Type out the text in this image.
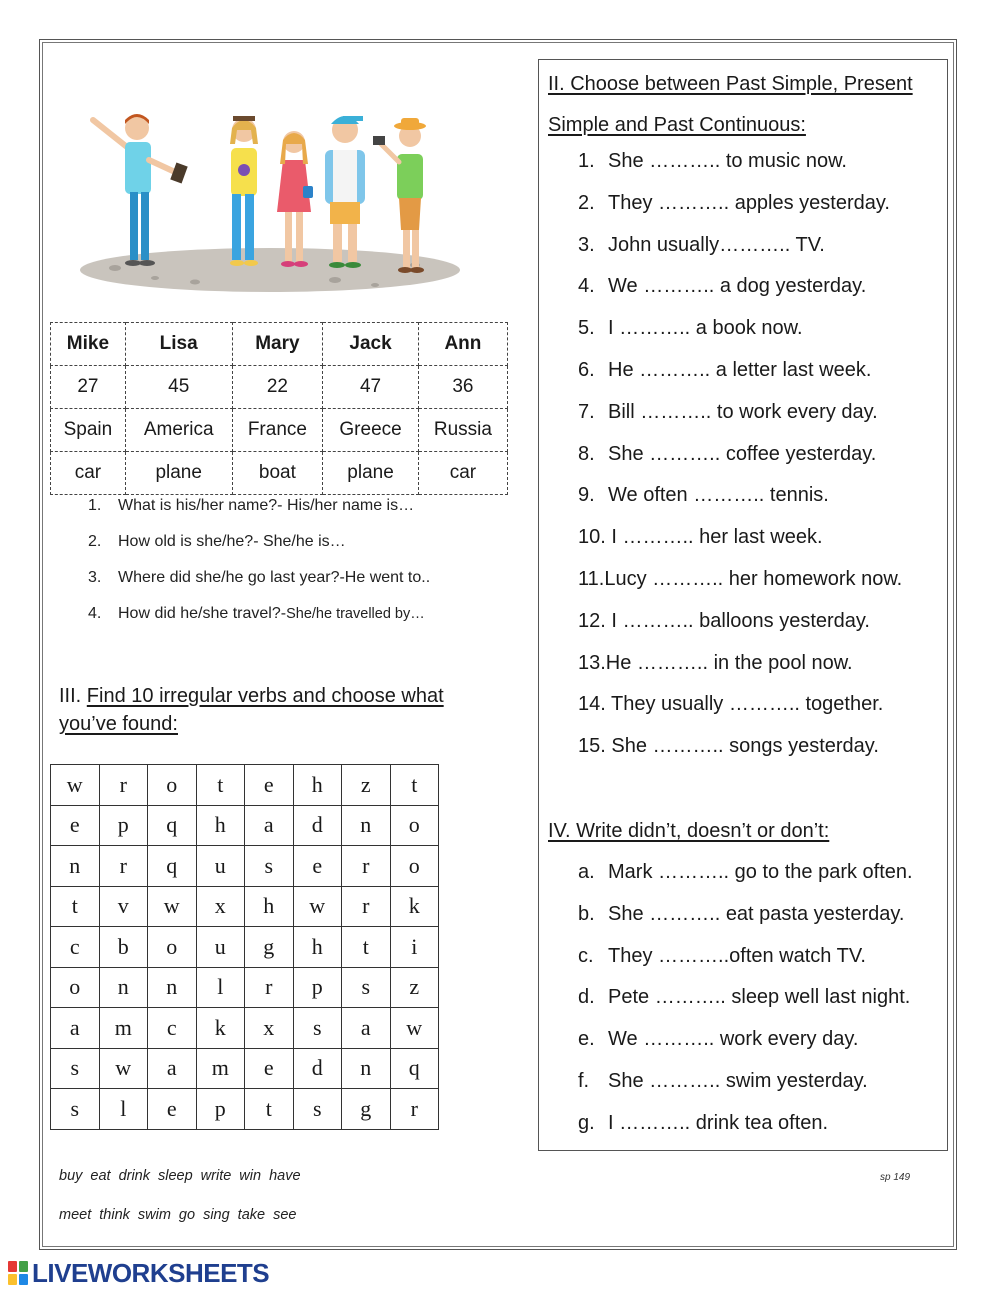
Mike	Lisa	Mary	Jack	Ann
27	45	22	47	36
Spain	America	France	Greece	Russia
car	plane	boat	plane	car
1.	What is his/her name?- His/her name is…
2.	How old is she/he?- She/he is…
3.	Where did she/he go last year?-He went to..
4.	How did he/she travel?- She/he travelled by…
III. Find 10 irregular verbs and choose what
you’ve found:
w	r	o	t	e	h	z	t
e	p	q	h	a	d	n	o
n	r	q	u	s	e	r	o
t	v	w	x	h	w	r	k
c	b	o	u	g	h	t	i
o	n	n	l	r	p	s	z
a	m	c	k	x	s	a	w
s	w	a	m	e	d	n	q
s	l	e	p	t	s	g	r
buy eat drink sleep write win have
meet think swim go sing take see
sp 149
II. Choose between Past Simple, Present
Simple and Past Continuous:
1. She ……….. to music now.
2. They ……….. apples yesterday.
3. John usually……….. TV.
4. We ……….. a dog yesterday.
5. I ……….. a book now.
6. He ……….. a letter last week.
7. Bill ……….. to work every day.
8. She ……….. coffee yesterday.
9. We often ……….. tennis.
10. I ……….. her last week.
11.Lucy ……….. her homework now.
12. I ……….. balloons yesterday.
13.He ……….. in the pool now.
14. They usually ……….. together.
15. She ……….. songs yesterday.
IV. Write didn’t, doesn’t or don’t:
a. Mark ……….. go to the park often.
b. She ……….. eat pasta yesterday.
c. They ………..often watch TV.
d. Pete ……….. sleep well last night.
e. We ……….. work every day.
f. She ……….. swim yesterday.
g. I ……….. drink tea often.
LIVEWORKSHEETS
